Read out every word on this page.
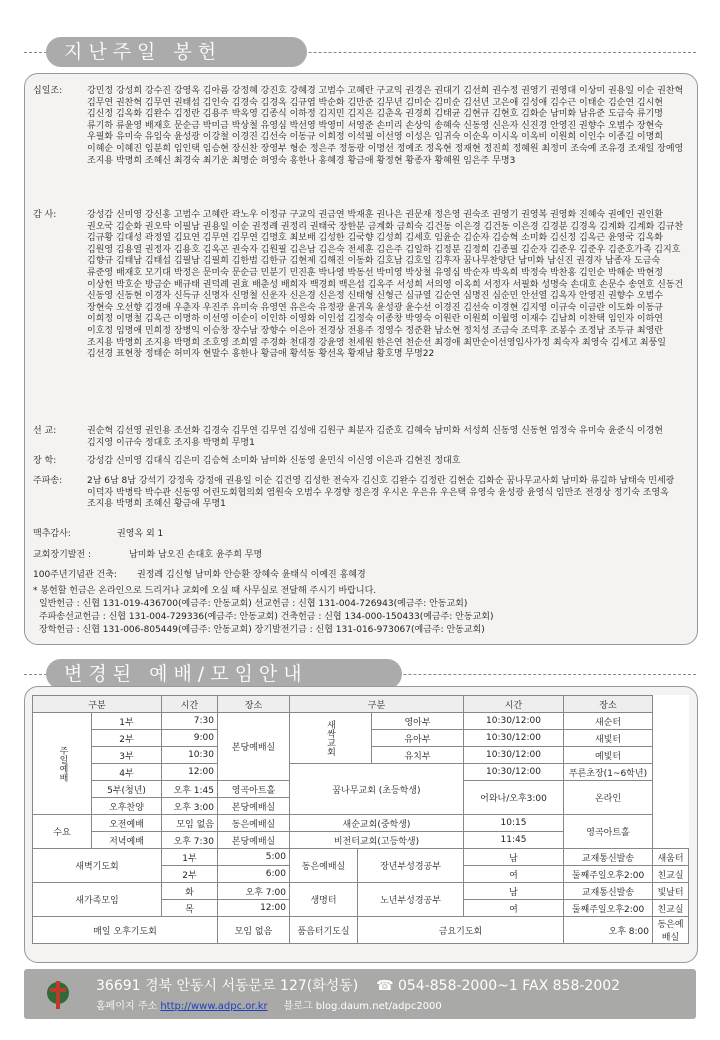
지난주일 봉헌
십일조:	강민정 강성희 강수진 강영옥 김아름 강정혜 강진호 강혜경 고범수 고혜란 구교익 권경은 권대기 김선희 권수정 권영기 권영대 이상미 권용일 이순 권찬혁 김무연 권찬혁 김무연 권태섭 김인숙 김경숙 김경옥 김규엽 박순화 김만준 김무년 김미순 김미순 김선년 고은애 김성애 김수근 이태순 김순연 김시현 김신정 김옥화 김완수 김정란 김용주 박옥영 김종식 이하정 김지민 김지은 김춘옥 권경희 김태균 김현규 김현호 김화순 남미화 남유준 도금숙 류기명 류기하 류윤영 배재호 문순금 박미금 박상철 유영심 박선영 박영미 서영준 손미리 손상익 송혜숙 신동영 신은자 신진경 안영진 권향수 오범수 장현숙 우필화 유미숙 유임숙 윤성광 이강철 이경진 김선숙 이동규 이희정 이석필 이선영 이성은 임귀숙 이순옥 이시옥 이옥비 이원희 이인수 이종길 이명희 이혜순 이혜진 임분희 임인택 임승현 장신찬 장영부 형순 정은주 정동광 이명선 정예조 정옥현 정재현 정진희 정혜원 최정미 조숙예 조유경 조재일 장예영 조지용 박명희 조혜신 최경숙 최기운 최명순 허영숙 홍한나 홍혜경 황금애 황정현 황종자 황혜원 임은주 무명3
감 사:	강성감 신미영 강신홍 고범수 고혜란 곽노우 이정규 구교익 권금연 박재훈 권나은 권문재 정은영 권숙조 권영기 권영복 권영화 진혜숙 권예인 권인환 권오국 김순화 권오탁 이필남 권용일 이순 권정례 권정리 권태국 장한분 금계화 금희숙 김건동 이은경 김건동 이은경 김경분 김경옥 김계화 김계화 김규찬 김규황 김대성 곽정열 김묘연 김무연 김무연 김명호 최보배 김성한 김국향 김성희 김세호 임윤순 김순자 김승혁 소미화 김신정 김옥근 윤영국 김옥화 김원영 김용열 권정자 김용호 김옥곤 권숙자 김원필 김은남 김은숙 전세훈 김은주 김일하 김정분 김정희 김종필 김순자 김준우 김준우 김준호가족 김지호 김향규 김태남 김태섭 김필남 김필희 김한범 김한규 김현제 김해진 이동화 김호남 김호일 김후자 꿈나무찬양단 남미화 남신진 권경자 남종자 도금숙 류준영 배재호 모기대 박정은 문미숙 문순금 민분기 민진훈 박나영 박동선 박미영 박상철 유영심 박순자 박옥희 박정숙 박찬홍 김인순 박해순 박현정 이상헌 박호순 방금순 배규태 권덕례 권효 배춘성 배희자 백경희 백은섭 김옥주 서성희 서의영 이옥희 서정자 서필화 성명숙 손대호 손문수 송연호 신동건 신동영 신동현 이경자 신득규 신명자 신명철 신운자 신은경 신은정 신태형 신형근 심규열 김순연 심명진 심순민 안선열 김옥자 안영진 권향수 오범수 장현숙 오선향 김경애 우춘자 우진주 유미숙 유영연 유은숙 유정광 윤귀옥 윤성광 윤수선 이경진 김선숙 이경현 김지영 이규숙 이금란 이도화 이동규 이희정 이명철 김옥근 이명하 이선영 이순이 이인하 이영화 이인섭 김정숙 이종창 박영숙 이원란 이원희 이월영 이재수 김남희 이찬택 임인자 이하연 이호정 임명애 민희정 장병익 이승창 장수남 장향수 이은아 전경상 전용주 정영수 정준환 남소현 정치성 조금숙 조덕후 조봉수 조정남 조두규 최영란 조지용 박명희 조지용 박명희 조호영 조희열 주경화 천대경 강윤영 천세원 한은연 천순선 최경애 최만순이선영임사가정 최숙자 최영숙 김세고 최풍일 김선경 표현창 정태순 허미자 현말수 홍한나 황금애 황석동 황선옥 황재남 황호명 무명22
선 교:	권순혁 김선영 권인용 조선화 김경숙 김무연 김무연 김성애 김원구 최분자 김준호 김혜숙 남미화 서성희 신동영 신동현 엄정숙 유미숙 윤준식 이경현 김지영 이규숙 정대호 조지용 박명희 무명1
장 학:	강성감 신미영 김대식 김은미 김승혁 소미화 남미화 신동영 윤민식 이신영 이은과 김현진 정대호
주파송:	2남 6남 8남 강석기 강정욱 강정애 권용일 이순 김건영 김성한 전숙자 김신호 김완수 김정란 김현순 김화순 꿈나무교사회 남미화 류길하 남태숙 민세광 이덕자 박병탁 박수관 신동영 어린도회협의회 염원숙 오범수 우경향 정은경 우시온 우은유 우은택 유영숙 윤성광 윤영식 임만조 전경상 정기숙 조영옥 조지용 박명희 조혜신 황금애 무명1
맥추감사:	권영옥 외 1
교회장기발전 :	남미화 남오진 손대호 윤주희 무명
100주년기념관 건축: 권정례 김신형 남미화 안승환 장혜숙 윤태식 이예진 홍혜경
* 봉헌할 헌금은 온라인으로 드리거나 교회에 오실 때 사무실로 전달해 주시기 바랍니다.
일반헌금 : 신협 131-019-436700(예금주: 안동교회) 선교헌금 : 신협 131-004-726943(예금주: 안동교회)
주파송선교헌금 : 신협 131-004-729336(예금주: 안동교회) 건축헌금 : 신협 134-000-150433(예금주: 안동교회)
장학헌금 : 신협 131-006-805449(예금주: 안동교회) 장기발전기금 : 신협 131-016-973067(예금주: 안동교회)
변경된 예배/모임안내
구분		시간	장소	구분			시간	장소	
주일예배	1부	7:30	본당예배실	새싹교회		영아부	10:30/12:00	새순터	
	2부	9:00				유아부	10:30/12:00	새빛터	
	3부	10:30				유치부	10:30/12:00	예빛터	
	4부	12:00		꿈나무교회 (초등학생)			10:30/12:00	푸른초장(1~6학년)	
	5부(청년)	오후 1:45	영곡아트홀				어와나/오후3:00	온라인	
	오후찬양	오후 3:00	본당예배실						
수요	오전예배	모임 없음	동은예배실	새순교회(중학생)			10:15	영곡아트홀	
	저녁예배	오후 7:30	본당예배실	비전터교회(고등학생)			11:45		
새벽기도회		1부	5:00	동은예배실	장년부성경공부		남	교재통신발송	새움터
		2부	6:00				여	둘째주일오후2:00	친교실
새가족모임		화	오후 7:00	생명터	노년부성경공부		남	교재통신발송	빛날터
		목	12:00				여	둘째주일오후2:00	친교실
매일 오후기도회			모임 없음	품음터기도실	금요기도회			오후 8:00	동은예배실
36691 경북 안동시 서동문로 127(화성동) ☎ 054-858-2000~1 FAX 858-2002
홈페이지 주소 http://www.adpc.or.kr 블로그 blog.daum.net/adpc2000
